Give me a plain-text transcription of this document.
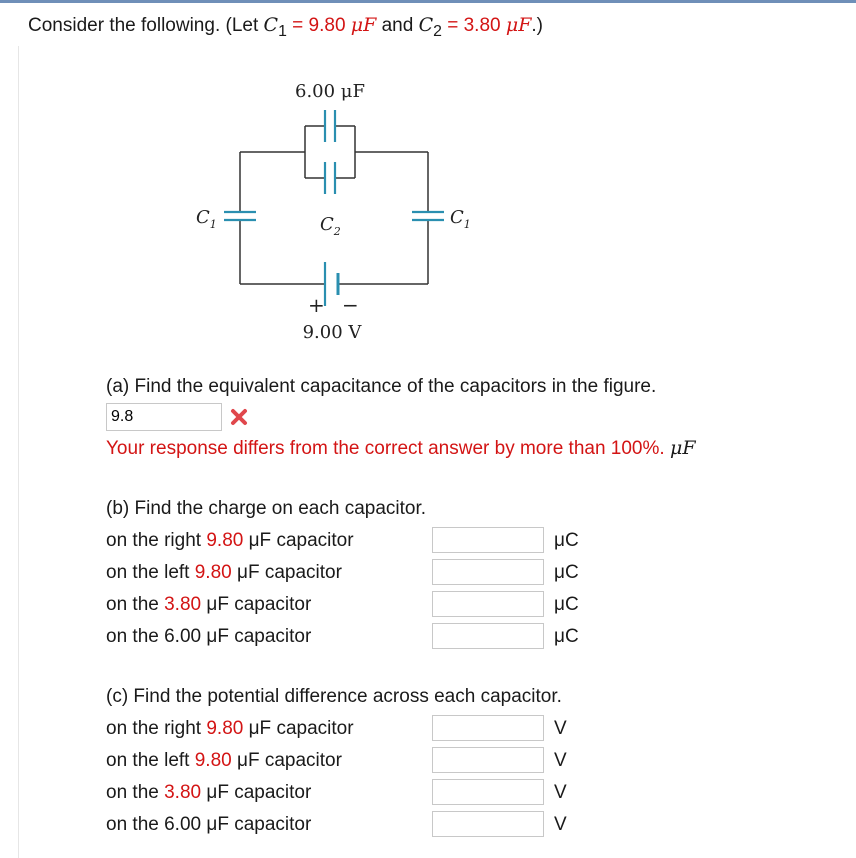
Consider the following. (Let $C_1 = 9.80$ μF and $C_2 = 3.80$ μF.)
6.00 μF
$C_1$	$C_2$
$C_1$
+ −
9.00 V
(a) Find the equivalent capacitance of the capacitors in the figure.
9.8
Your response differs from the correct answer by more than 100%. μF
(b) Find the charge on each capacitor.
on the right 9.80 μF capacitor	μC
on the left 9.80 μF capacitor	μC
on the 3.80 μF capacitor	μC
on the 6.00 μF capacitor	μC
(c) Find the potential difference across each capacitor.
on the right 9.80 μF capacitor	V
on the left 9.80 μF capacitor	V
on the 3.80 μF capacitor	V
on the 6.00 μF capacitor	V
